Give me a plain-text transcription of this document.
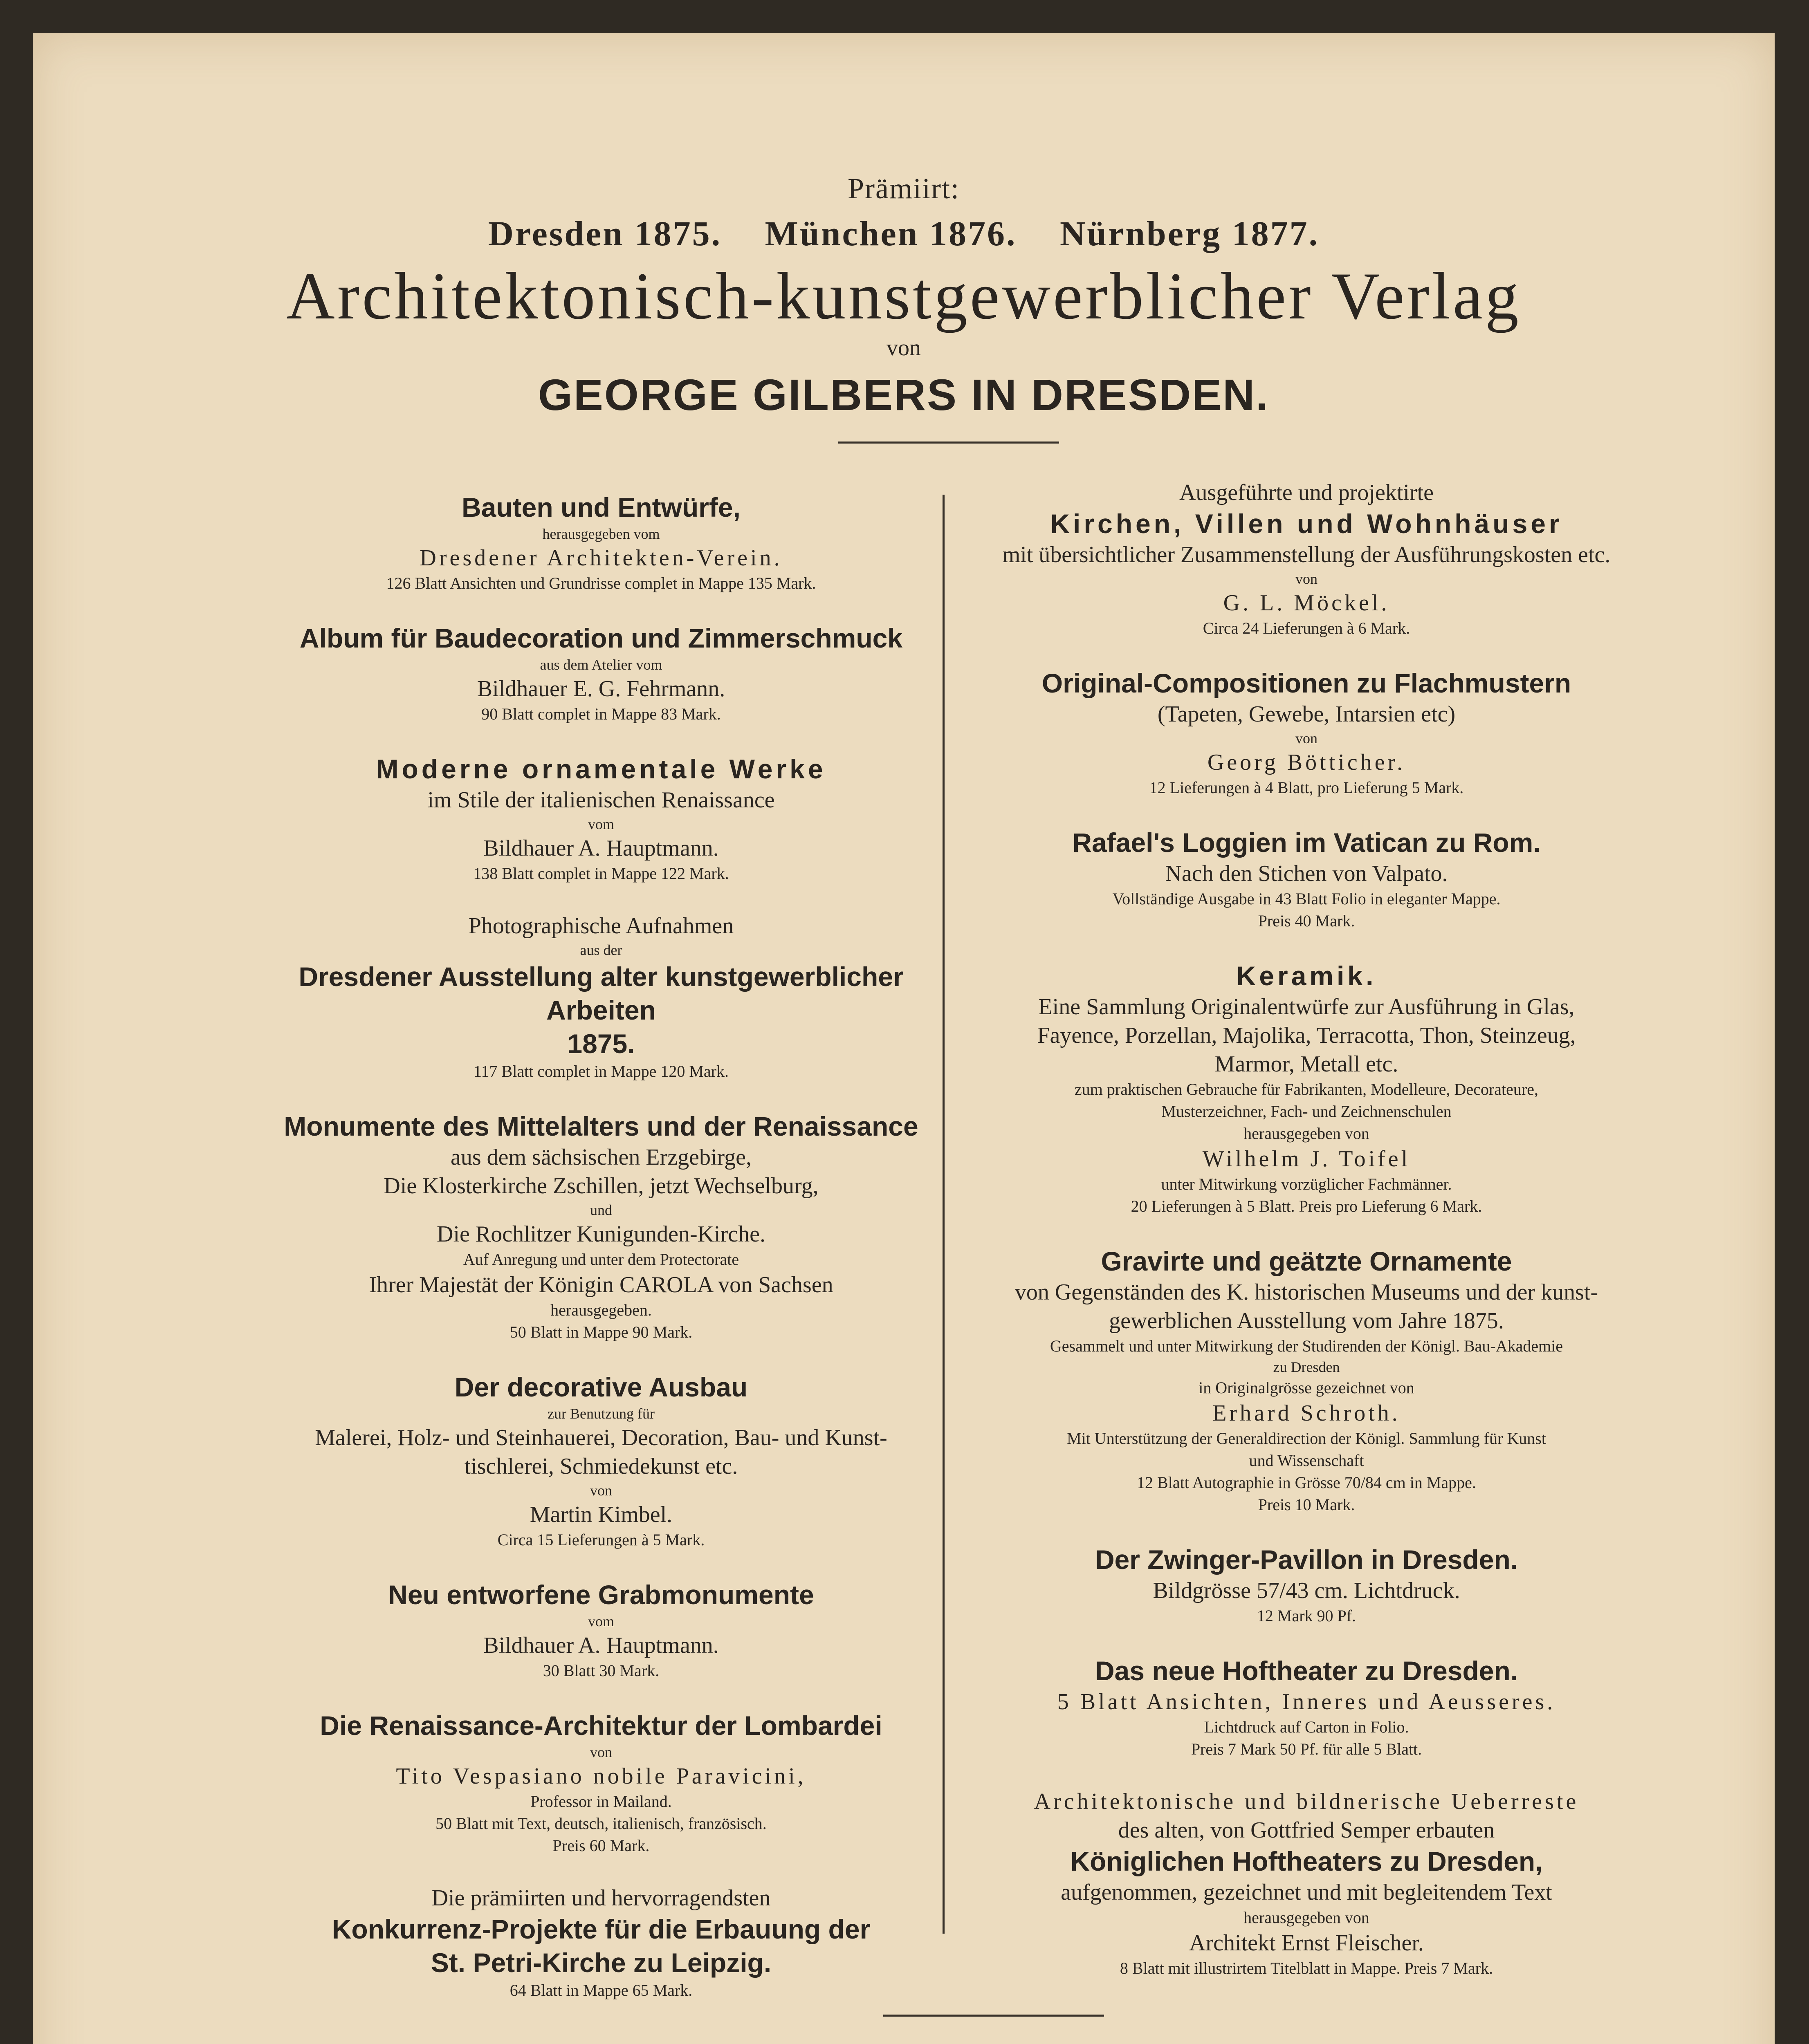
Prämiirt:
Dresden 1875. München 1876. Nürnberg 1877.
Architektonisch-kunstgewerblicher Verlag
von
GEORGE GILBERS IN DRESDEN.
Bauten und Entwürfe,
herausgegeben vom
Dresdener Architekten-Verein.
126 Blatt Ansichten und Grundrisse complet in Mappe 135 Mark.
Album für Baudecoration und Zimmerschmuck
aus dem Atelier vom
Bildhauer E. G. Fehrmann.
90 Blatt complet in Mappe 83 Mark.
Moderne ornamentale Werke
im Stile der italienischen Renaissance
vom
Bildhauer A. Hauptmann.
138 Blatt complet in Mappe 122 Mark.
Photographische Aufnahmen
aus der
Dresdener Ausstellung alter kunstgewerblicher Arbeiten
1875.
117 Blatt complet in Mappe 120 Mark.
Monumente des Mittelalters und der Renaissance
aus dem sächsischen Erzgebirge,
Die Klosterkirche Zschillen, jetzt Wechselburg,
und
Die Rochlitzer Kunigunden-Kirche.
Auf Anregung und unter dem Protectorate
Ihrer Majestät der Königin CAROLA von Sachsen
herausgegeben.
50 Blatt in Mappe 90 Mark.
Der decorative Ausbau
zur Benutzung für
Malerei, Holz- und Steinhauerei, Decoration, Bau- und Kunst-
tischlerei, Schmiedekunst etc.
von
Martin Kimbel.
Circa 15 Lieferungen à 5 Mark.
Neu entworfene Grabmonumente
vom
Bildhauer A. Hauptmann.
30 Blatt 30 Mark.
Die Renaissance-Architektur der Lombardei
von
Tito Vespasiano nobile Paravicini,
Professor in Mailand.
50 Blatt mit Text, deutsch, italienisch, französisch.
Preis 60 Mark.
Die prämiirten und hervorragendsten
Konkurrenz-Projekte für die Erbauung der
St. Petri-Kirche zu Leipzig.
64 Blatt in Mappe 65 Mark.
Ausgeführte und projektirte
Kirchen, Villen und Wohnhäuser
mit übersichtlicher Zusammenstellung der Ausführungskosten etc.
von
G. L. Möckel.
Circa 24 Lieferungen à 6 Mark.
Original-Compositionen zu Flachmustern
(Tapeten, Gewebe, Intarsien etc)
von
Georg Bötticher.
12 Lieferungen à 4 Blatt, pro Lieferung 5 Mark.
Rafael's Loggien im Vatican zu Rom.
Nach den Stichen von Valpato.
Vollständige Ausgabe in 43 Blatt Folio in eleganter Mappe.
Preis 40 Mark.
Keramik.
Eine Sammlung Originalentwürfe zur Ausführung in Glas,
Fayence, Porzellan, Majolika, Terracotta, Thon, Steinzeug,
Marmor, Metall etc.
zum praktischen Gebrauche für Fabrikanten, Modelleure, Decorateure,
Musterzeichner, Fach- und Zeichnenschulen
herausgegeben von
Wilhelm J. Toifel
unter Mitwirkung vorzüglicher Fachmänner.
20 Lieferungen à 5 Blatt. Preis pro Lieferung 6 Mark.
Gravirte und geätzte Ornamente
von Gegenständen des K. historischen Museums und der kunst-
gewerblichen Ausstellung vom Jahre 1875.
Gesammelt und unter Mitwirkung der Studirenden der Königl. Bau-Akademie
zu Dresden
in Originalgrösse gezeichnet von
Erhard Schroth.
Mit Unterstützung der Generaldirection der Königl. Sammlung für Kunst
und Wissenschaft
12 Blatt Autographie in Grösse 70/84 cm in Mappe.
Preis 10 Mark.
Der Zwinger-Pavillon in Dresden.
Bildgrösse 57/43 cm. Lichtdruck.
12 Mark 90 Pf.
Das neue Hoftheater zu Dresden.
5 Blatt Ansichten, Inneres und Aeusseres.
Lichtdruck auf Carton in Folio.
Preis 7 Mark 50 Pf. für alle 5 Blatt.
Architektonische und bildnerische Ueberreste
des alten, von Gottfried Semper erbauten
Königlichen Hoftheaters zu Dresden,
aufgenommen, gezeichnet und mit begleitendem Text
herausgegeben von
Architekt Ernst Fleischer.
8 Blatt mit illustrirtem Titelblatt in Mappe. Preis 7 Mark.
